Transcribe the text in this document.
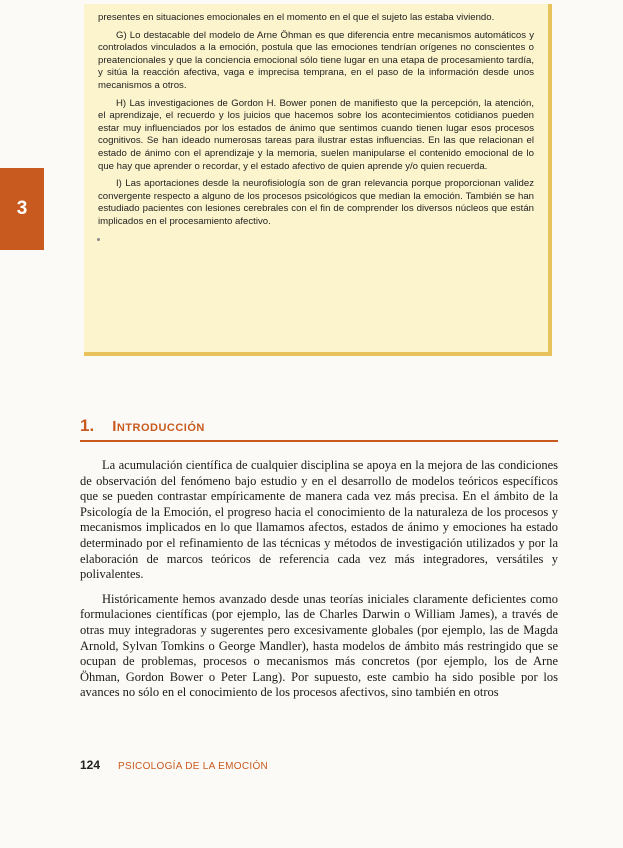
presentes en situaciones emocionales en el momento en el que el sujeto las estaba viviendo.

G) Lo destacable del modelo de Arne Öhman es que diferencia entre mecanismos automáticos y controlados vinculados a la emoción, postula que las emociones tendrían orígenes no conscientes o preatencionales y que la conciencia emocional sólo tiene lugar en una etapa de procesamiento tardía, y sitúa la reacción afectiva, vaga e imprecisa temprana, en el paso de la información desde unos mecanismos a otros.

H) Las investigaciones de Gordon H. Bower ponen de manifiesto que la percepción, la atención, el aprendizaje, el recuerdo y los juicios que hacemos sobre los acontecimientos cotidianos pueden estar muy influenciados por los estados de ánimo que sentimos cuando tienen lugar esos procesos cognitivos. Se han ideado numerosas tareas para ilustrar estas influencias. En las que relacionan el estado de ánimo con el aprendizaje y la memoria, suelen manipularse el contenido emocional de lo que hay que aprender o recordar, y el estado afectivo de quien aprende y/o quien recuerda.

I) Las aportaciones desde la neurofisiología son de gran relevancia porque proporcionan validez convergente respecto a alguno de los procesos psicológicos que median la emoción. También se han estudiado pacientes con lesiones cerebrales con el fin de comprender los diversos núcleos que están implicados en el procesamiento afectivo.

3
1. Introducción

La acumulación científica de cualquier disciplina se apoya en la mejora de las condiciones de observación del fenómeno bajo estudio y en el desarrollo de modelos teóricos específicos que se pueden contrastar empíricamente de manera cada vez más precisa. En el ámbito de la Psicología de la Emoción, el progreso hacia el conocimiento de la naturaleza de los procesos y mecanismos implicados en lo que llamamos afectos, estados de ánimo y emociones ha estado determinado por el refinamiento de las técnicas y métodos de investigación utilizados y por la elaboración de marcos teóricos de referencia cada vez más integradores, versátiles y polivalentes.

Históricamente hemos avanzado desde unas teorías iniciales claramente deficientes como formulaciones científicas (por ejemplo, las de Charles Darwin o William James), a través de otras muy integradoras y sugerentes pero excesivamente globales (por ejemplo, las de Magda Arnold, Sylvan Tomkins o George Mandler), hasta modelos de ámbito más restringido que se ocupan de problemas, procesos o mecanismos más concretos (por ejemplo, los de Arne Öhman, Gordon Bower o Peter Lang). Por supuesto, este cambio ha sido posible por los avances no sólo en el conocimiento de los procesos afectivos, sino también en otros

124 PSICOLOGÍA DE LA EMOCIÓN
